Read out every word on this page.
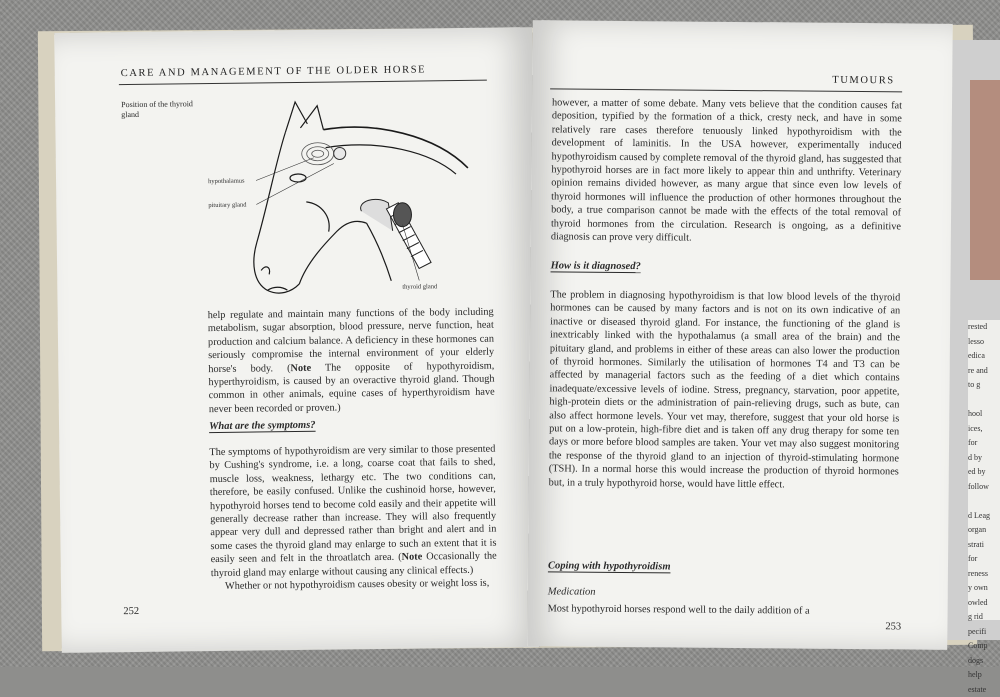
CARE AND MANAGEMENT OF THE OLDER HORSE
Position of the thyroid gland
hypothalamus
pituitary gland
thyroid gland

help regulate and maintain many functions of the body including metabolism, sugar absorption, blood pressure, nerve function, heat production and calcium balance. A deficiency in these hormones can seriously compromise the internal environment of your elderly horse's body. (Note The opposite of hypothyroidism, hyperthyroidism, is caused by an overactive thyroid gland. Though common in other animals, equine cases of hyperthyroidism have never been recorded or proven.)

What are the symptoms?

The symptoms of hypothyroidism are very similar to those presented by Cushing's syndrome, i.e. a long, coarse coat that fails to shed, muscle loss, weakness, lethargy etc. The two conditions can, therefore, be easily confused. Unlike the cushinoid horse, however, hypothyroid horses tend to become cold easily and their appetite will generally decrease rather than increase. They will also frequently appear very dull and depressed rather than bright and alert and in some cases the thyroid gland may enlarge to such an extent that it is easily seen and felt in the throatlatch area. (Note Occasionally the thyroid gland may enlarge without causing any clinical effects.)

Whether or not hypothyroidism causes obesity or weight loss is,

252
TUMOURS
however, a matter of some debate. Many vets believe that the condition causes fat deposition, typified by the formation of a thick, cresty neck, and have in some relatively rare cases therefore tenuously linked hypothyroidism with the development of laminitis. In the USA however, experimentally induced hypothyroidism caused by complete removal of the thyroid gland, has suggested that hypothyroid horses are in fact more likely to appear thin and unthrifty. Veterinary opinion remains divided however, as many argue that since even low levels of thyroid hormones will influence the production of other hormones throughout the body, a true comparison cannot be made with the effects of the total removal of thyroid hormones from the circulation. Research is ongoing, as a definitive diagnosis can prove very difficult.
How is it diagnosed?
The problem in diagnosing hypothyroidism is that low blood levels of the thyroid hormones can be caused by many factors and is not on its own indicative of an inactive or diseased thyroid gland. For instance, the functioning of the gland is inextricably linked with the hypothalamus (a small area of the brain) and the pituitary gland, and problems in either of these areas can also lower the production of thyroid hormones. Similarly the utilisation of hormones T4 and T3 can be affected by managerial factors such as the feeding of a diet which contains inadequate/excessive levels of iodine. Stress, pregnancy, starvation, poor appetite, high-protein diets or the administration of pain-relieving drugs, such as bute, can also affect hormone levels. Your vet may, therefore, suggest that your old horse is put on a low-protein, high-fibre diet and is taken off any drug therapy for some ten days or more before blood samples are taken. Your vet may also suggest monitoring the response of the thyroid gland to an injection of thyroid-stimulating hormone (TSH). In a normal horse this would increase the production of thyroid hormones but, in a truly hypothyroid horse, would have little effect.
Coping with hypothyroidism
Medication
Most hypothyroid horses respond well to the daily addition of a
253
rested
lesso
edica
re and
to g

hool
ices,
for
d by
ed by
follow

d Leag
organ
strati
for
reness
y own
owled
g rid
pecifi
Comp
dogs
help
estate
